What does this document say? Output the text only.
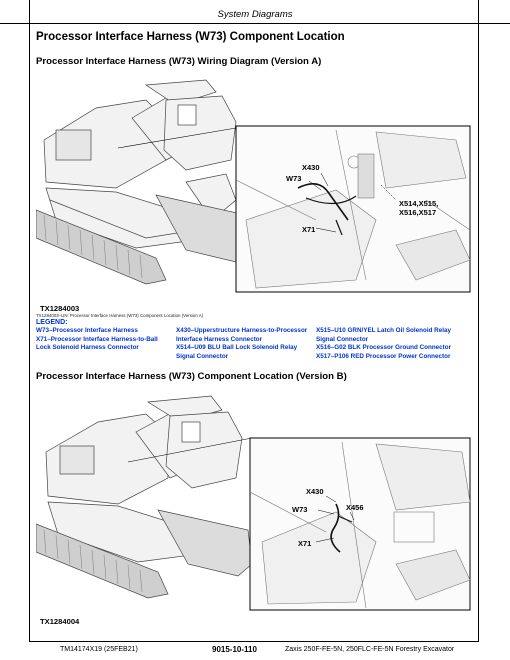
System Diagrams
Processor Interface Harness (W73) Component Location
Processor Interface Harness (W73) Wiring Diagram (Version A)
X430
W73
X514,X515,
X516,X517
X71
TX1284003
TX1284003–UN: Processor Interface Harness (W73) Component Location (Version A)
LEGEND:
W73–Processor Interface Harness
X71–Processor Interface Harness-to-Ball
Lock Solenoid Harness Connector
X430–Upperstructure Harness-to-Processor
Interface Harness Connector
X514–U09 BLU Ball Lock Solenoid Relay
Signal Connector
X515–U10 GRN/YEL Latch Oil Solenoid Relay
Signal Connector
X516–G02 BLK Processor Ground Connector
X517–P106 RED Processor Power Connector
Processor Interface Harness (W73) Component Location (Version B)
X430
W73	X456
X71
TX1284004
TM14174X19 (25FEB21)	9015-10-110	Zaxis 250F-FE-5N, 250FLC-FE-5N Forestry Excavator
